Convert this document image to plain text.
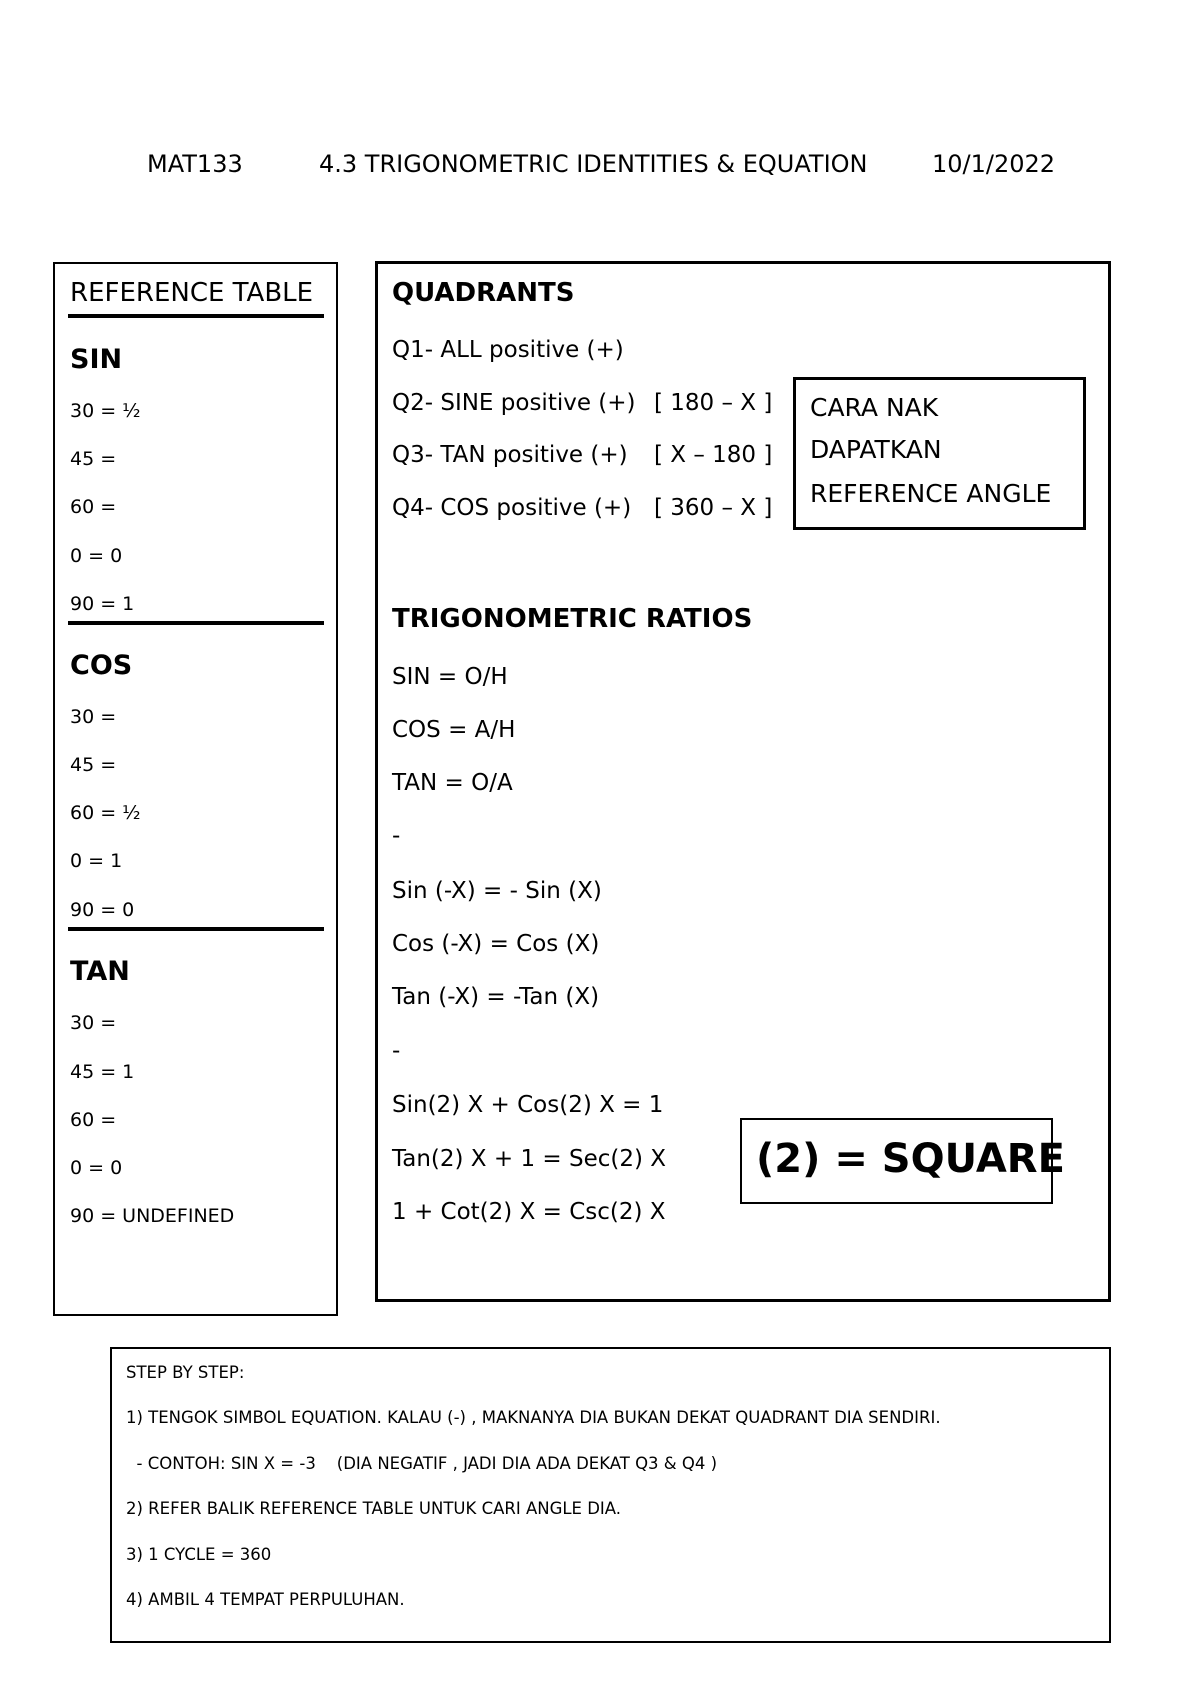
MAT133	4.3 TRIGONOMETRIC IDENTITIES & EQUATION	10/1/2022
REFERENCE TABLE
SIN
30 = ½
45 =
60 =
0 = 0
90 = 1
COS
30 =
45 =
60 = ½
0 = 1
90 = 0
TAN
30 =
45 = 1
60 =
0 = 0
90 = UNDEFINED
QUADRANTS
Q1- ALL positive (+)
Q2- SINE positive (+) [ 180 – X ]
Q3- TAN positive (+) [ X – 180 ]
Q4- COS positive (+) [ 360 – X ]
CARA NAK
DAPATKAN
REFERENCE ANGLE
TRIGONOMETRIC RATIOS
SIN = O/H
COS = A/H
TAN = O/A
-
Sin (-X) = - Sin (X)
Cos (-X) = Cos (X)
Tan (-X) = -Tan (X)
-
Sin(2) X + Cos(2) X = 1
Tan(2) X + 1 = Sec(2) X
1 + Cot(2) X = Csc(2) X
(2) = SQUARE
STEP BY STEP:
1) TENGOK SIMBOL EQUATION. KALAU (-) , MAKNANYA DIA BUKAN DEKAT QUADRANT DIA SENDIRI.
- CONTOH: SIN X = -3    (DIA NEGATIF , JADI DIA ADA DEKAT Q3 & Q4 )
2) REFER BALIK REFERENCE TABLE UNTUK CARI ANGLE DIA.
3) 1 CYCLE = 360
4) AMBIL 4 TEMPAT PERPULUHAN.
